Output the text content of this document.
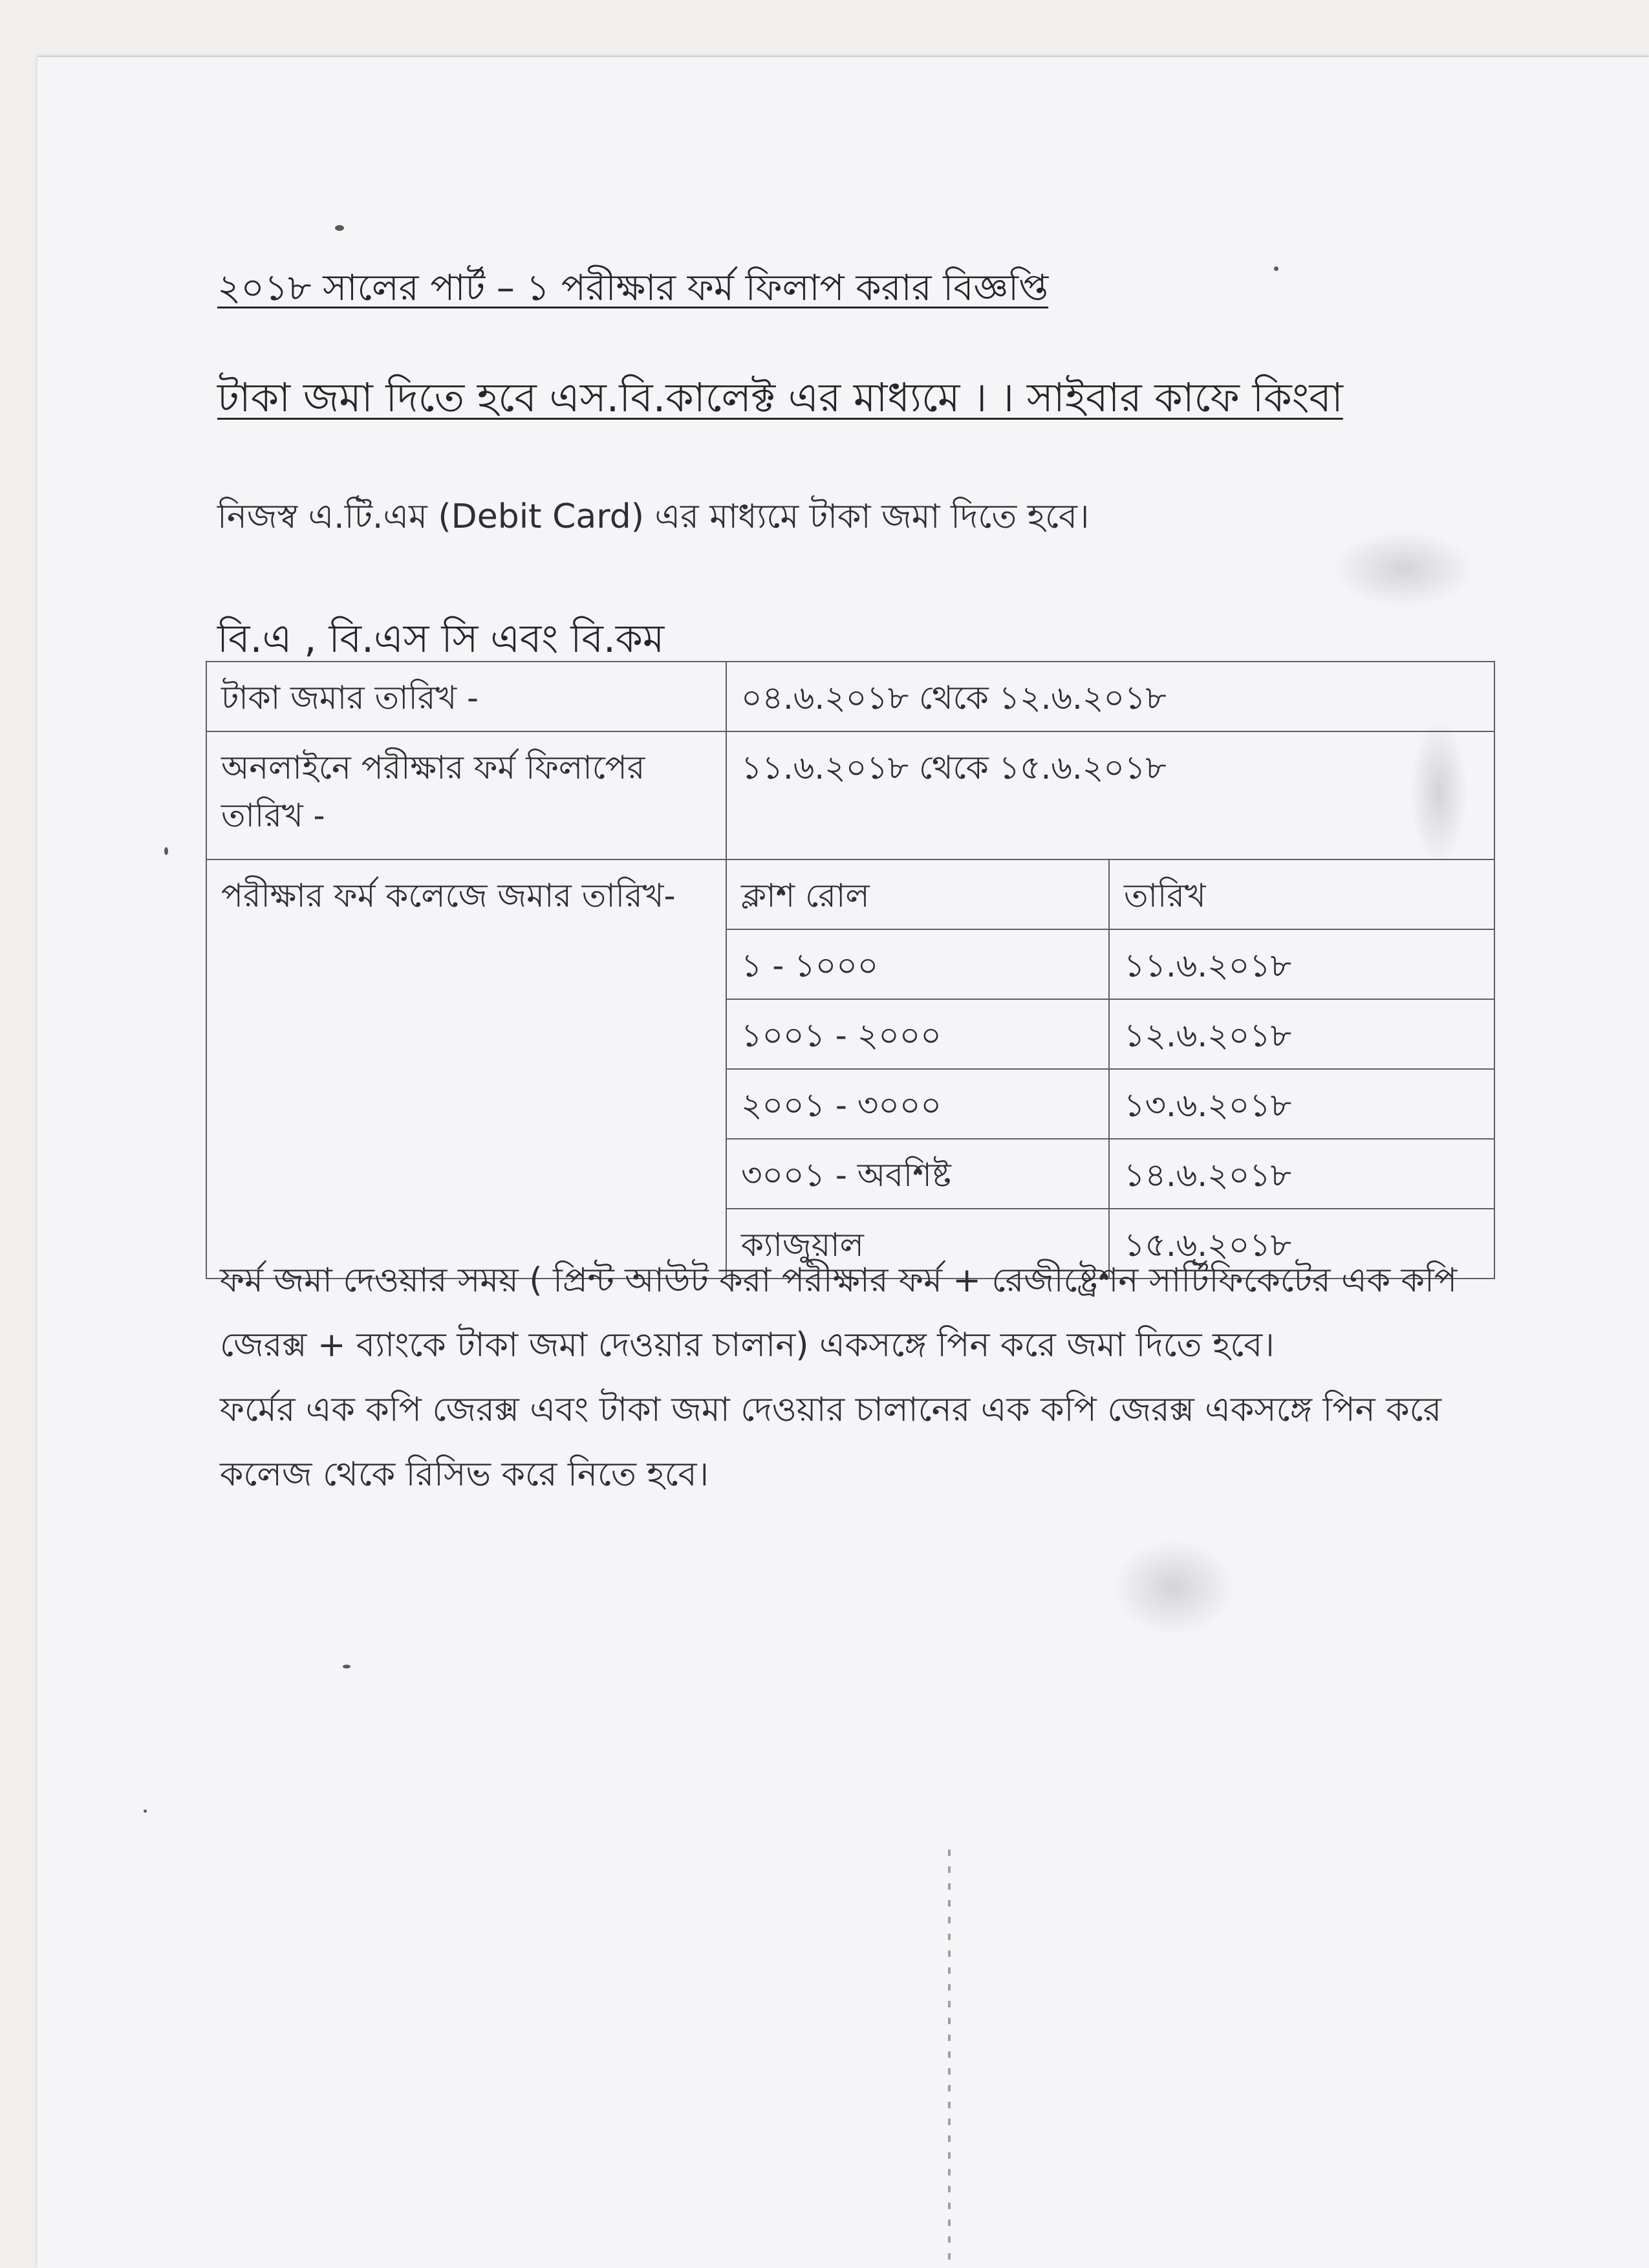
২০১৮ সালের পার্ট – ১ পরীক্ষার ফর্ম ফিলাপ করার বিজ্ঞপ্তি
টাকা জমা দিতে হবে এস.বি.কালেক্ট এর মাধ্যমে । । সাইবার কাফে কিংবা
নিজস্ব এ.টি.এম (Debit Card) এর মাধ্যমে টাকা জমা দিতে হবে।
বি.এ , বি.এস সি এবং বি.কম
টাকা জমার তারিখ -	০৪.৬.২০১৮ থেকে ১২.৬.২০১৮	
অনলাইনে পরীক্ষার ফর্ম ফিলাপের তারিখ -	১১.৬.২০১৮ থেকে ১৫.৬.২০১৮	
পরীক্ষার ফর্ম কলেজে জমার তারিখ-	ক্লাশ রোল	তারিখ
	১ - ১০০০	১১.৬.২০১৮
	১০০১ - ২০০০	১২.৬.২০১৮
	২০০১ - ৩০০০	১৩.৬.২০১৮
	৩০০১ - অবশিষ্ট	১৪.৬.২০১৮
	ক্যাজুয়াল	১৫.৬.২০১৮

ফর্ম জমা দেওয়ার সময় ( প্রিন্ট আউট করা পরীক্ষার ফর্ম + রেজীষ্ট্রেশন সার্টিফিকেটের এক কপি জেরক্স + ব্যাংকে টাকা জমা দেওয়ার চালান) একসঙ্গে পিন করে জমা দিতে হবে।

ফর্মের এক কপি জেরক্স এবং টাকা জমা দেওয়ার চালানের এক কপি জেরক্স একসঙ্গে পিন করে কলেজ থেকে রিসিভ করে নিতে হবে।
